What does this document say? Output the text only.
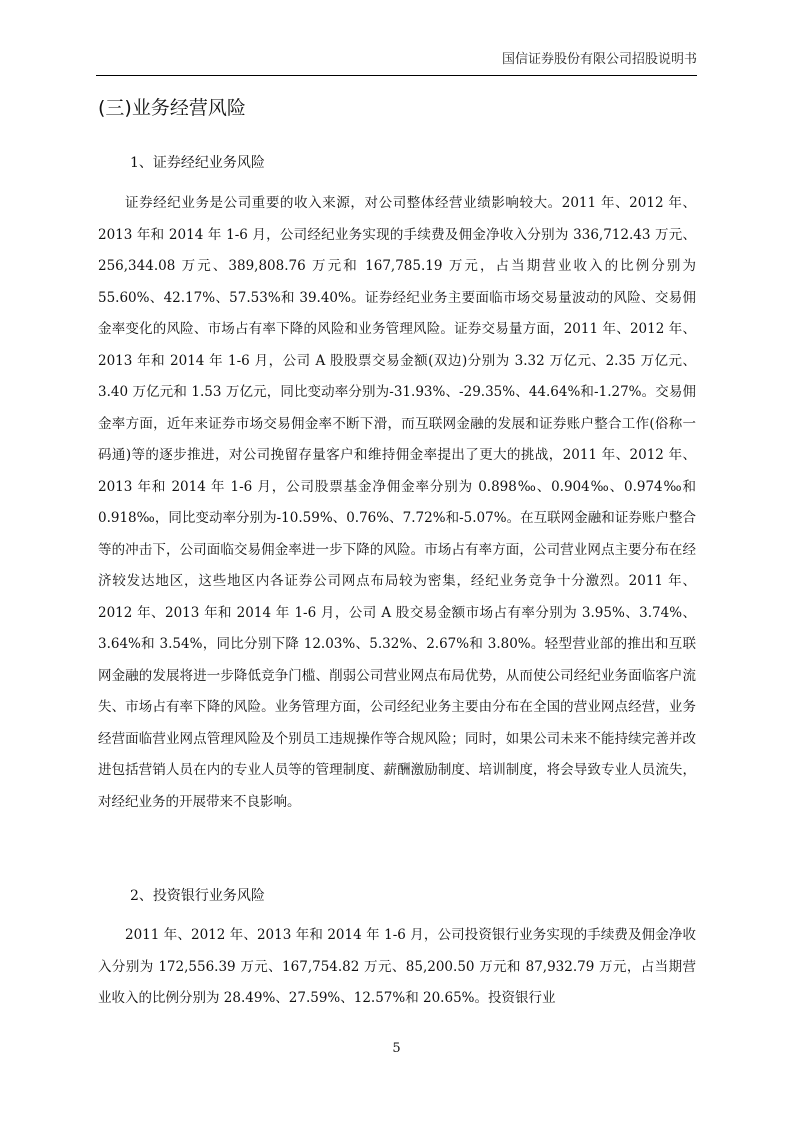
国信证券股份有限公司招股说明书
(三)业务经营风险
1、证券经纪业务风险

证券经纪业务是公司重要的收入来源，对公司整体经营业绩影响较大。2011 年、2012 年、2013 年和 2014 年 1-6 月，公司经纪业务实现的手续费及佣金净收入分别为 336,712.43 万元、256,344.08 万元、389,808.76 万元和 167,785.19 万元，占当期营业收入的比例分别为 55.60%、42.17%、57.53%和 39.40%。证券经纪业务主要面临市场交易量波动的风险、交易佣金率变化的风险、市场占有率下降的风险和业务管理风险。证券交易量方面，2011 年、2012 年、2013 年和 2014 年 1-6 月，公司 A 股股票交易金额(双边)分别为 3.32 万亿元、2.35 万亿元、3.40 万亿元和 1.53 万亿元，同比变动率分别为-31.93%、-29.35%、44.64%和-1.27%。交易佣金率方面，近年来证券市场交易佣金率不断下滑，而互联网金融的发展和证券账户整合工作(俗称一码通)等的逐步推进，对公司挽留存量客户和维持佣金率提出了更大的挑战，2011 年、2012 年、2013 年和 2014 年 1-6 月，公司股票基金净佣金率分别为 0.898‰、0.904‰、0.974‰和 0.918‰，同比变动率分别为-10.59%、0.76%、7.72%和-5.07%。在互联网金融和证券账户整合等的冲击下，公司面临交易佣金率进一步下降的风险。市场占有率方面，公司营业网点主要分布在经济较发达地区，这些地区内各证券公司网点布局较为密集，经纪业务竞争十分激烈。2011 年、2012 年、2013 年和 2014 年 1-6 月，公司 A 股交易金额市场占有率分别为 3.95%、3.74%、3.64%和 3.54%，同比分别下降 12.03%、5.32%、2.67%和 3.80%。轻型营业部的推出和互联网金融的发展将进一步降低竞争门槛、削弱公司营业网点布局优势，从而使公司经纪业务面临客户流失、市场占有率下降的风险。业务管理方面，公司经纪业务主要由分布在全国的营业网点经营，业务经营面临营业网点管理风险及个别员工违规操作等合规风险；同时，如果公司未来不能持续完善并改进包括营销人员在内的专业人员等的管理制度、薪酬激励制度、培训制度，将会导致专业人员流失，对经纪业务的开展带来不良影响。

2、投资银行业务风险

2011 年、2012 年、2013 年和 2014 年 1-6 月，公司投资银行业务实现的手续费及佣金净收入分别为 172,556.39 万元、167,754.82 万元、85,200.50 万元和 87,932.79 万元，占当期营业收入的比例分别为 28.49%、27.59%、12.57%和 20.65%。投资银行业

5
